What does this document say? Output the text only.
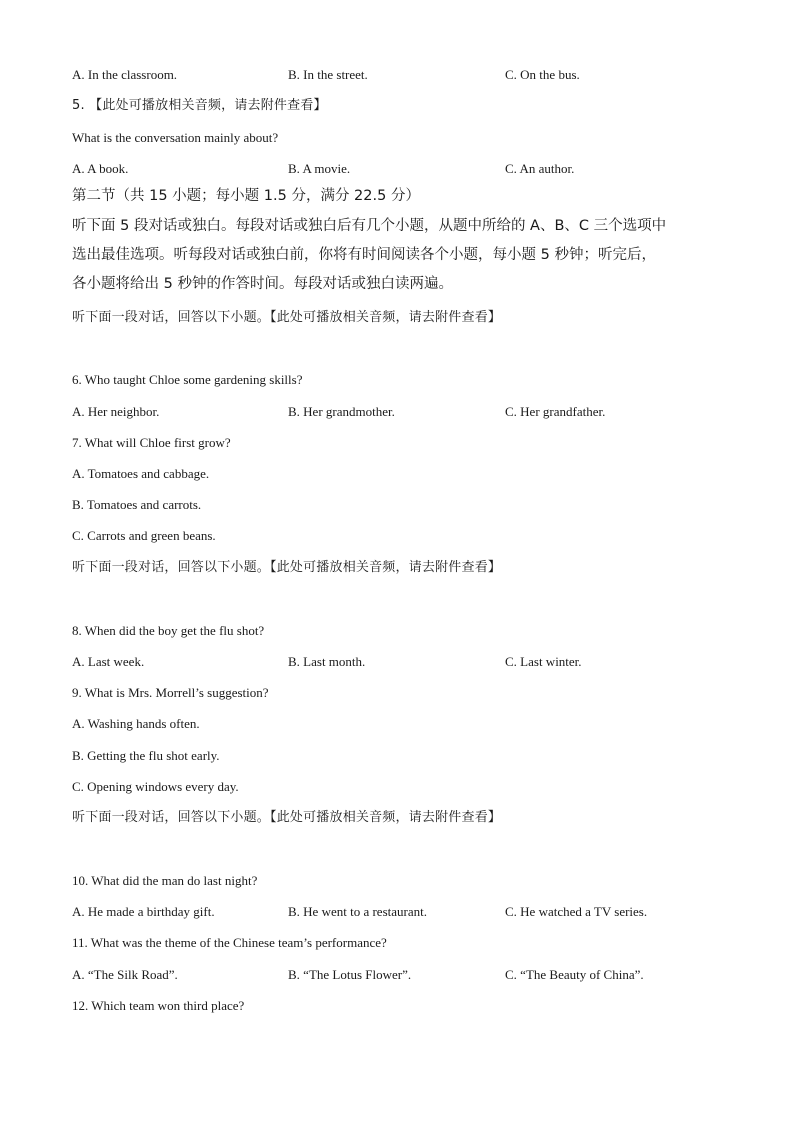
A. In the classroom.	B. In the street.	C. On the bus.
5. 【此处可播放相关音频，请去附件查看】
What is the conversation mainly about?
A. A book.	B. A movie.	C. An author.
第二节（共 15 小题；每小题 1.5 分，满分 22.5 分）
听下面 5 段对话或独白。每段对话或独白后有几个小题，从题中所给的 A、B、C 三个选项中
选出最佳选项。听每段对话或独白前，你将有时间阅读各个小题，每小题 5 秒钟；听完后，
各小题将给出 5 秒钟的作答时间。每段对话或独白读两遍。
听下面一段对话，回答以下小题。【此处可播放相关音频，请去附件查看】
6. Who taught Chloe some gardening skills?
A. Her neighbor.	B. Her grandmother.	C. Her grandfather.
7. What will Chloe first grow?
A. Tomatoes and cabbage.
B. Tomatoes and carrots.
C. Carrots and green beans.
听下面一段对话，回答以下小题。【此处可播放相关音频，请去附件查看】
8. When did the boy get the flu shot?
A. Last week.	B. Last month.	C. Last winter.
9. What is Mrs. Morrell’s suggestion?
A. Washing hands often.
B. Getting the flu shot early.
C. Opening windows every day.
听下面一段对话，回答以下小题。【此处可播放相关音频，请去附件查看】
10. What did the man do last night?
A. He made a birthday gift.	B. He went to a restaurant.	C. He watched a TV series.
11. What was the theme of the Chinese team’s performance?
A. “The Silk Road”.	B. “The Lotus Flower”.	C. “The Beauty of China”.
12. Which team won third place?
